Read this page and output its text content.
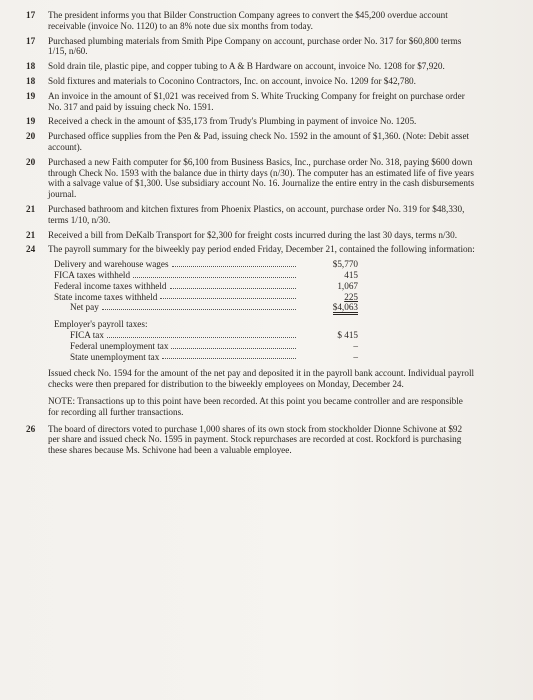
17	The president informs you that Bilder Construction Company agrees to convert the $45,200 overdue account receivable (invoice No. 1120) to an 8% note due six months from today.
17	Purchased plumbing materials from Smith Pipe Company on account, purchase order No. 317 for $60,800 terms 1/15, n/60.
18	Sold drain tile, plastic pipe, and copper tubing to A & B Hardware on account, invoice No. 1208 for $7,920.
18	Sold fixtures and materials to Coconino Contractors, Inc. on account, invoice No. 1209 for $42,780.
19	An invoice in the amount of $1,021 was received from S. White Trucking Company for freight on purchase order No. 317 and paid by issuing check No. 1591.
19	Received a check in the amount of $35,173 from Trudy's Plumbing in payment of invoice No. 1205.
20	Purchased office supplies from the Pen & Pad, issuing check No. 1592 in the amount of $1,360. (Note: Debit asset account).
20	Purchased a new Faith computer for $6,100 from Business Basics, Inc., purchase order No. 318, paying $600 down through Check No. 1593 with the balance due in thirty days (n/30). The computer has an estimated life of five years with a salvage value of $1,300. Use subsidiary account No. 16. Journalize the entire entry in the cash disbursements journal.
21	Purchased bathroom and kitchen fixtures from Phoenix Plastics, on account, purchase order No. 319 for $48,330, terms 1/10, n/30.
21	Received a bill from DeKalb Transport for $2,300 for freight costs incurred during the last 30 days, terms n/30.
24	The payroll summary for the biweekly pay period ended Friday, December 21, contained the following information:
Delivery and warehouse wages	$5,770
FICA taxes withheld	415
Federal income taxes withheld	1,067
State income taxes withheld	225
Net pay	$4,063
Employer's payroll taxes:
FICA tax	$ 415
Federal unemployment tax	–
State unemployment tax	–
Issued check No. 1594 for the amount of the net pay and deposited it in the payroll bank account. Individual payroll checks were then prepared for distribution to the biweekly employees on Monday, December 24.
NOTE: Transactions up to this point have been recorded. At this point you became controller and are responsible for recording all further transactions.
26	The board of directors voted to purchase 1,000 shares of its own stock from stockholder Dionne Schivone at $92 per share and issued check No. 1595 in payment. Stock repurchases are recorded at cost. Rockford is purchasing these shares because Ms. Schivone had been a valuable employee.
